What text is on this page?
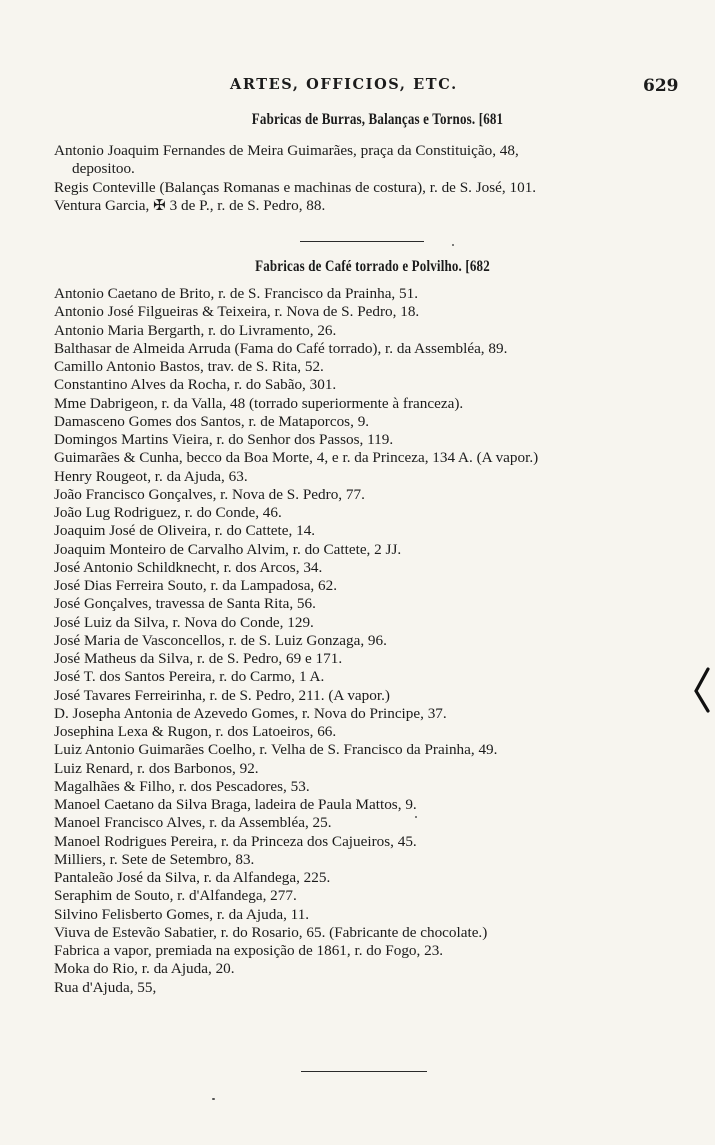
ARTES, OFFICIOS, ETC.	629
Fabricas de Burras, Balanças e Tornos. [681
Antonio Joaquim Fernandes de Meira Guimarães, praça da Constituição, 48,
depositoo.
Regis Conteville (Balanças Romanas e machinas de costura), r. de S. José, 101.
Ventura Garcia, ✠ 3 de P., r. de S. Pedro, 88.
Fabricas de Café torrado e Polvilho. [682
Antonio Caetano de Brito, r. de S. Francisco da Prainha, 51.
Antonio José Filgueiras & Teixeira, r. Nova de S. Pedro, 18.
Antonio Maria Bergarth, r. do Livramento, 26.
Balthasar de Almeida Arruda (Fama do Café torrado), r. da Assembléa, 89.
Camillo Antonio Bastos, trav. de S. Rita, 52.
Constantino Alves da Rocha, r. do Sabão, 301.
Mme Dabrigeon, r. da Valla, 48 (torrado superiormente à franceza).
Damasceno Gomes dos Santos, r. de Mataporcos, 9.
Domingos Martins Vieira, r. do Senhor dos Passos, 119.
Guimarães & Cunha, becco da Boa Morte, 4, e r. da Princeza, 134 A. (A vapor.)
Henry Rougeot, r. da Ajuda, 63.
João Francisco Gonçalves, r. Nova de S. Pedro, 77.
João Lug Rodriguez, r. do Conde, 46.
Joaquim José de Oliveira, r. do Cattete, 14.
Joaquim Monteiro de Carvalho Alvim, r. do Cattete, 2 JJ.
José Antonio Schildknecht, r. dos Arcos, 34.
José Dias Ferreira Souto, r. da Lampadosa, 62.
José Gonçalves, travessa de Santa Rita, 56.
José Luiz da Silva, r. Nova do Conde, 129.
José Maria de Vasconcellos, r. de S. Luiz Gonzaga, 96.
José Matheus da Silva, r. de S. Pedro, 69 e 171.
José T. dos Santos Pereira, r. do Carmo, 1 A.
José Tavares Ferreirinha, r. de S. Pedro, 211. (A vapor.)
D. Josepha Antonia de Azevedo Gomes, r. Nova do Principe, 37.
Josephina Lexa & Rugon, r. dos Latoeiros, 66.
Luiz Antonio Guimarães Coelho, r. Velha de S. Francisco da Prainha, 49.
Luiz Renard, r. dos Barbonos, 92.
Magalhães & Filho, r. dos Pescadores, 53.
Manoel Caetano da Silva Braga, ladeira de Paula Mattos, 9.
Manoel Francisco Alves, r. da Assembléa, 25.
Manoel Rodrigues Pereira, r. da Princeza dos Cajueiros, 45.
Milliers, r. Sete de Setembro, 83.
Pantaleão José da Silva, r. da Alfandega, 225.
Seraphim de Souto, r. d'Alfandega, 277.
Silvino Felisberto Gomes, r. da Ajuda, 11.
Viuva de Estevão Sabatier, r. do Rosario, 65. (Fabricante de chocolate.)
Fabrica a vapor, premiada na exposição de 1861, r. do Fogo, 23.
Moka do Rio, r. da Ajuda, 20.
Rua d'Ajuda, 55,
